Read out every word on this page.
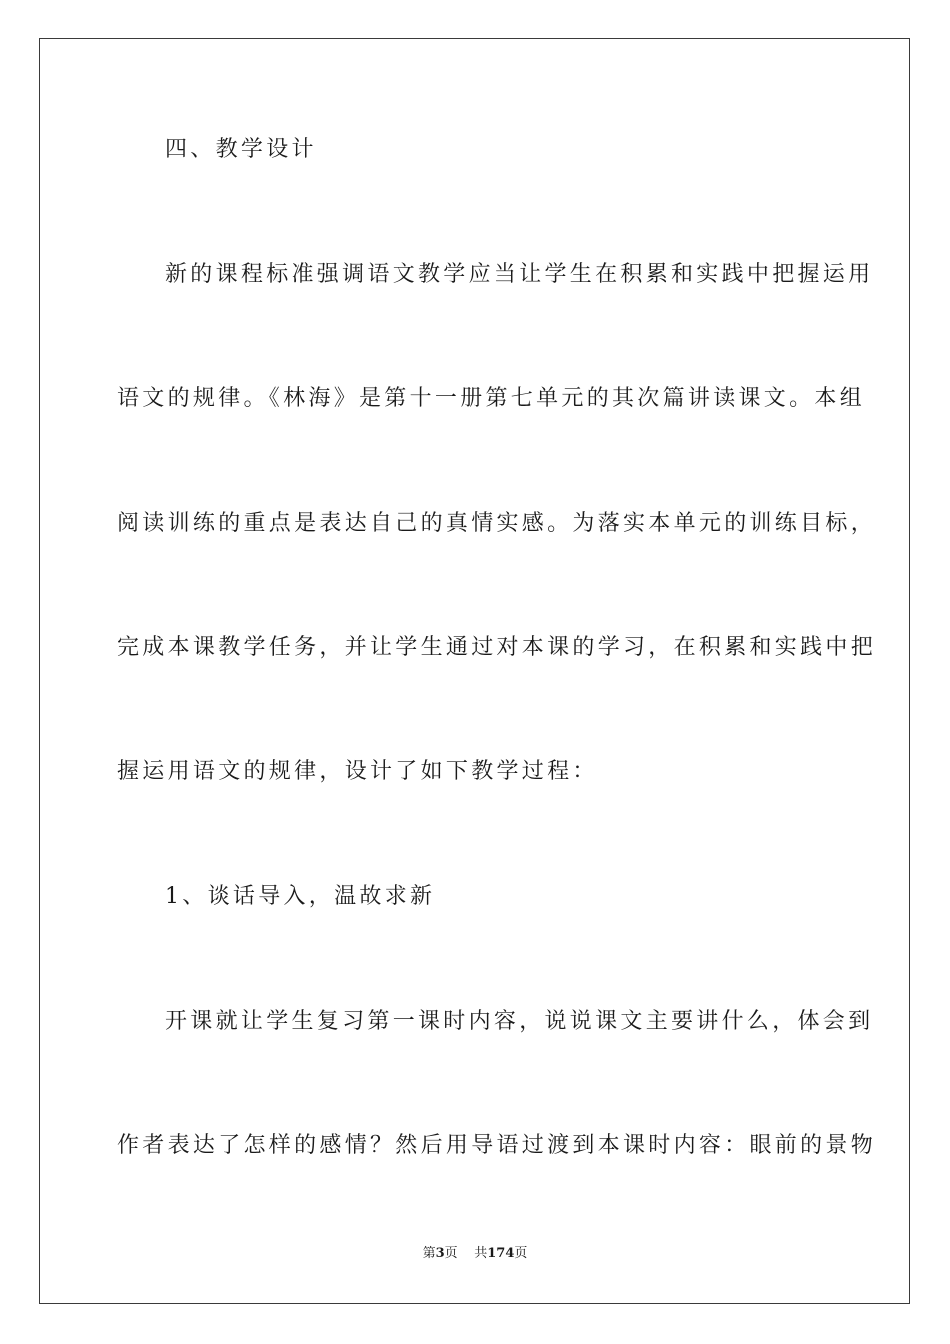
四、教学设计
新的课程标准强调语文教学应当让学生在积累和实践中把握运用
语文的规律。《林海》是第十一册第七单元的其次篇讲读课文。本组
阅读训练的重点是表达自己的真情实感。为落实本单元的训练目标，
完成本课教学任务，并让学生通过对本课的学习，在积累和实践中把
握运用语文的规律，设计了如下教学过程：
1、谈话导入，温故求新
开课就让学生复习第一课时内容，说说课文主要讲什么，体会到
作者表达了怎样的感情？然后用导语过渡到本课时内容：眼前的景物
第3页 共174页
